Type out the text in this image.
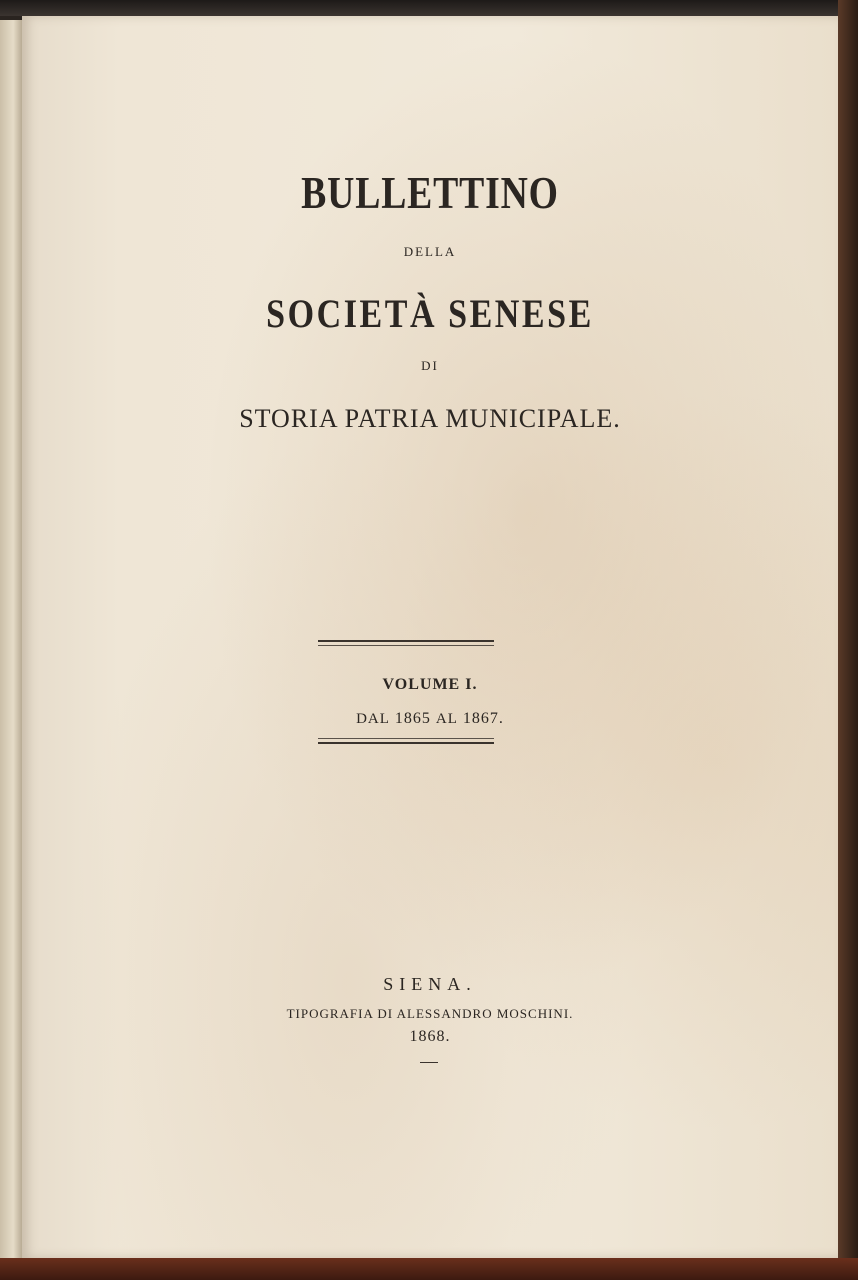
BULLETTINO
DELLA
SOCIETÀ SENESE
DI
STORIA PATRIA MUNICIPALE.
VOLUME I.
DAL 1865 AL 1867.
SIENA.
TIPOGRAFIA DI ALESSANDRO MOSCHINI.
1868.
